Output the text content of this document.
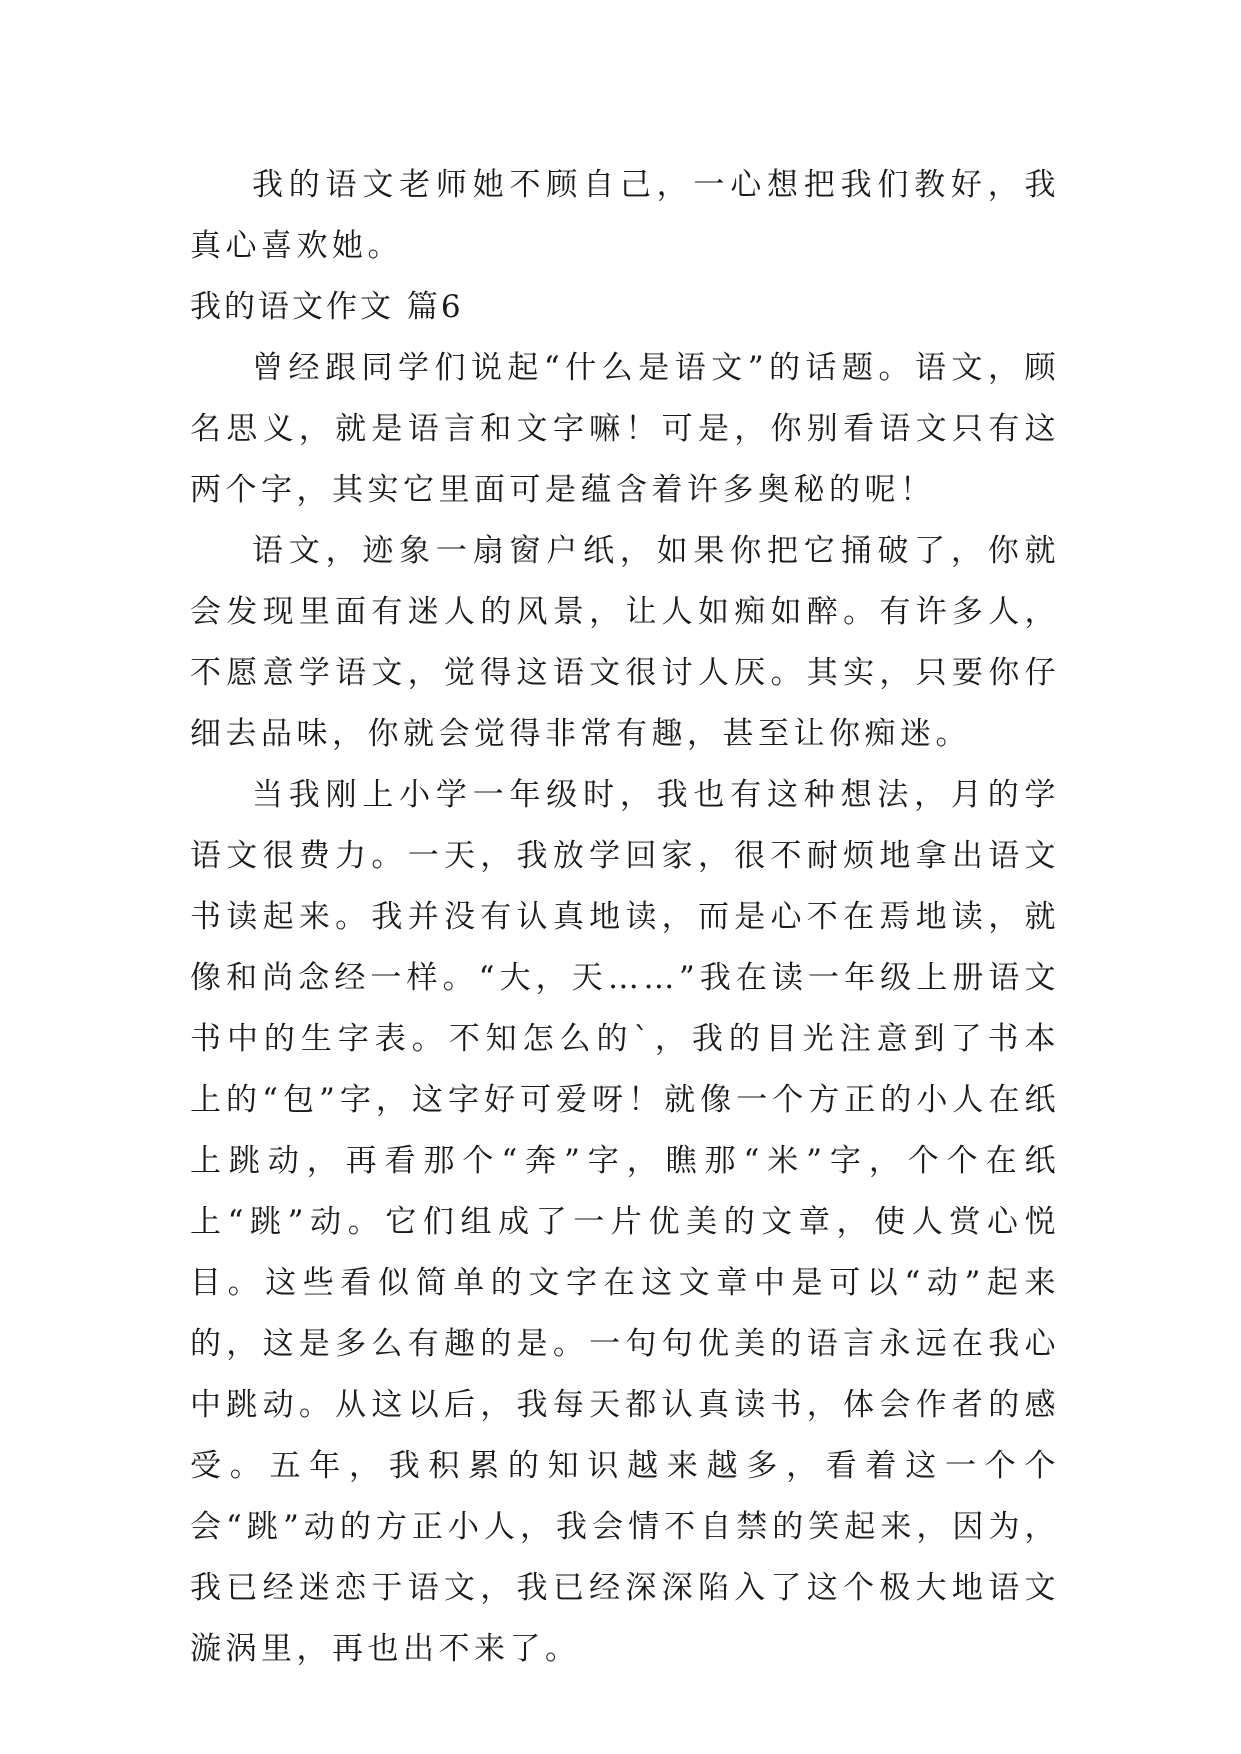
我的语文老师她不顾自己，一心想把我们教好，我真心喜欢她。

我的语文作文 篇6

曾经跟同学们说起“什么是语文”的话题。语文，顾名思义，就是语言和文字嘛！可是，你别看语文只有这两个字，其实它里面可是蕴含着许多奥秘的呢！

语文，迹象一扇窗户纸，如果你把它捅破了，你就会发现里面有迷人的风景，让人如痴如醉。有许多人，不愿意学语文，觉得这语文很讨人厌。其实，只要你仔细去品味，你就会觉得非常有趣，甚至让你痴迷。

当我刚上小学一年级时，我也有这种想法，月的学语文很费力。一天，我放学回家，很不耐烦地拿出语文书读起来。我并没有认真地读，而是心不在焉地读，就像和尚念经一样。“大，天……”我在读一年级上册语文书中的生字表。不知怎么的`，我的目光注意到了书本上的“包”字，这字好可爱呀！就像一个方正的小人在纸上跳动，再看那个“奔”字，瞧那“米”字，个个在纸上“跳”动。它们组成了一片优美的文章，使人赏心悦目。这些看似简单的文字在这文章中是可以“动”起来的，这是多么有趣的是。一句句优美的语言永远在我心中跳动。从这以后，我每天都认真读书，体会作者的感受。五年，我积累的知识越来越多，看着这一个个会“跳”动的方正小人，我会情不自禁的笑起来，因为，我已经迷恋于语文，我已经深深陷入了这个极大地语文漩涡里，再也出不来了。
